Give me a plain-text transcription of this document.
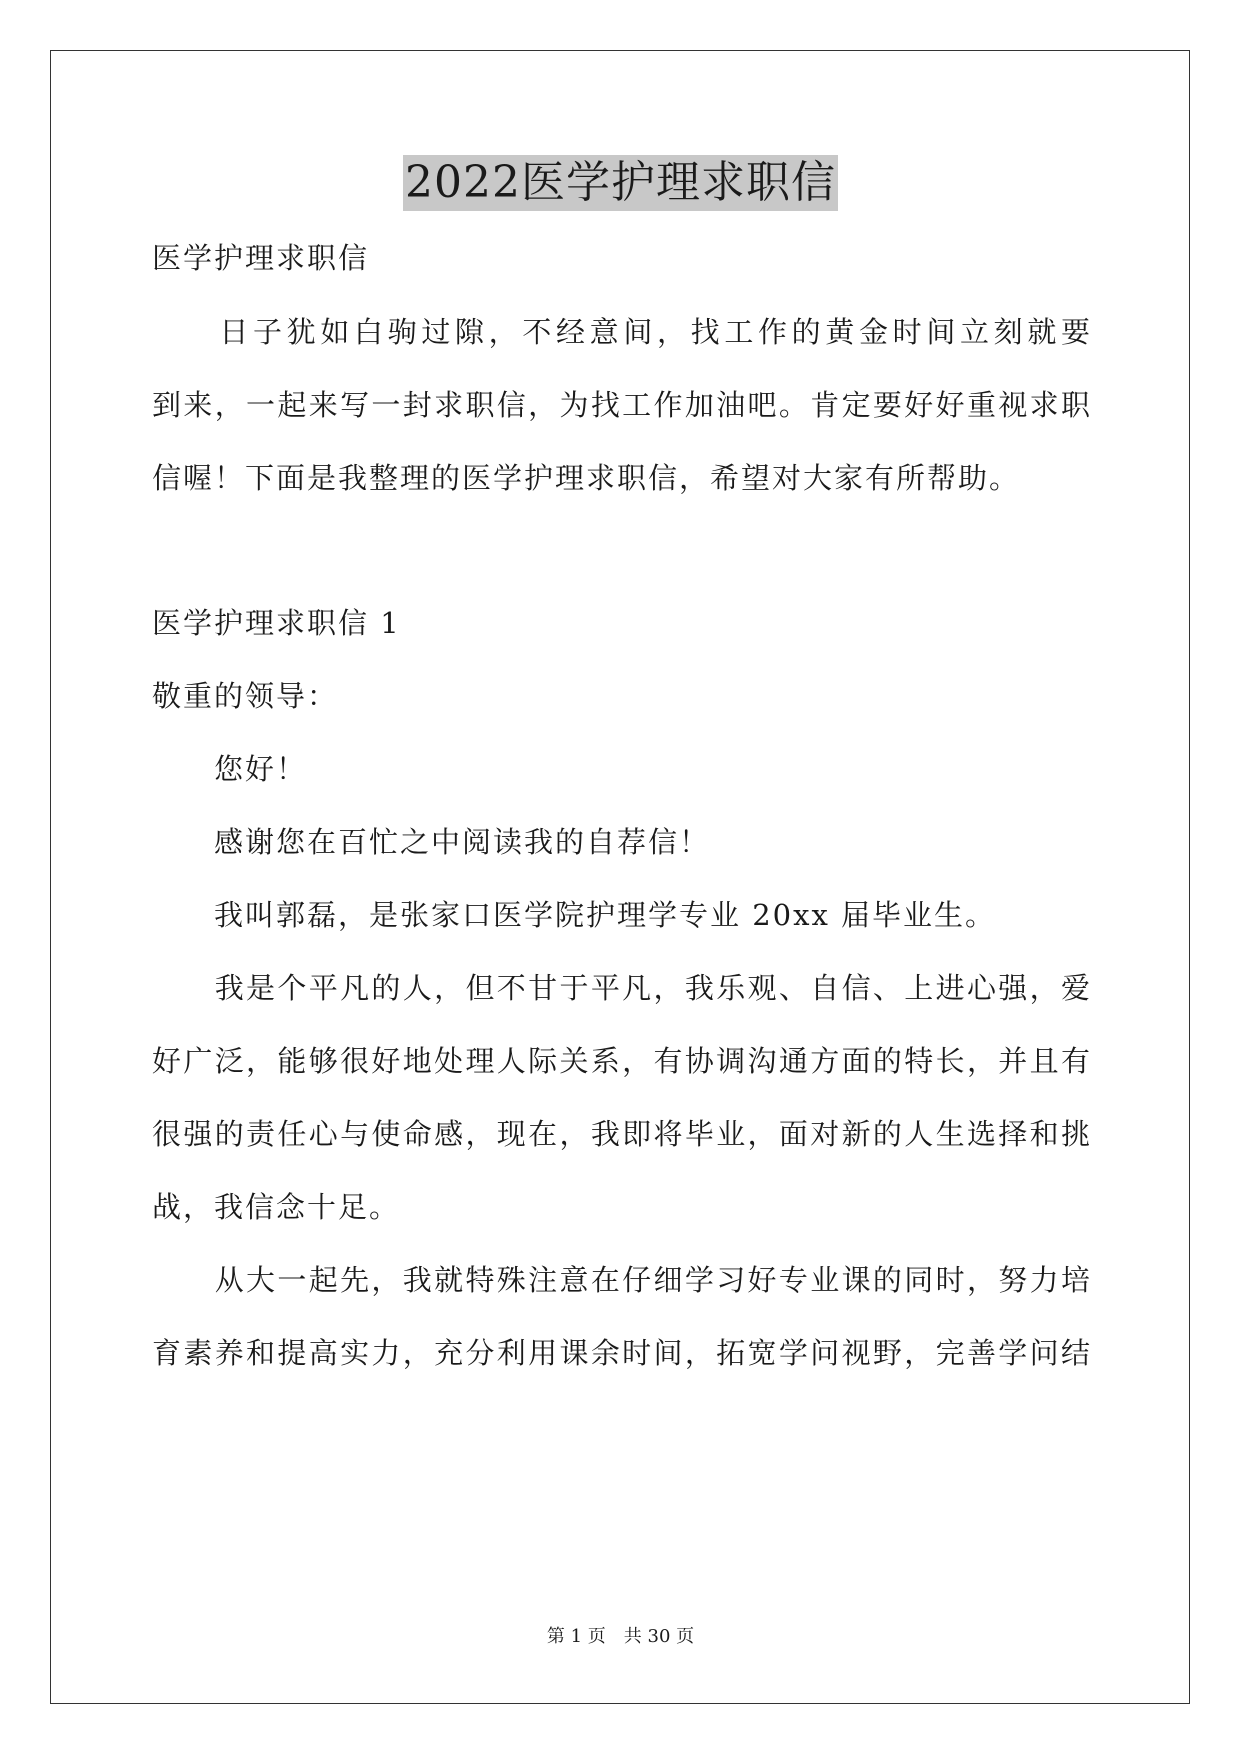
2022医学护理求职信
医学护理求职信
　　日子犹如白驹过隙，不经意间，找工作的黄金时间立刻就要
到来，一起来写一封求职信，为找工作加油吧。肯定要好好重视求职
信喔！下面是我整理的医学护理求职信，希望对大家有所帮助。
医学护理求职信 1
敬重的领导：
　　您好！
　　感谢您在百忙之中阅读我的自荐信！
　　我叫郭磊，是张家口医学院护理学专业 20xx 届毕业生。
　　我是个平凡的人，但不甘于平凡，我乐观、自信、上进心强，爱
好广泛，能够很好地处理人际关系，有协调沟通方面的特长，并且有
很强的责任心与使命感，现在，我即将毕业，面对新的人生选择和挑
战，我信念十足。
　　从大一起先，我就特殊注意在仔细学习好专业课的同时，努力培
育素养和提高实力，充分利用课余时间，拓宽学问视野，完善学问结
第 1 页　共 30 页
